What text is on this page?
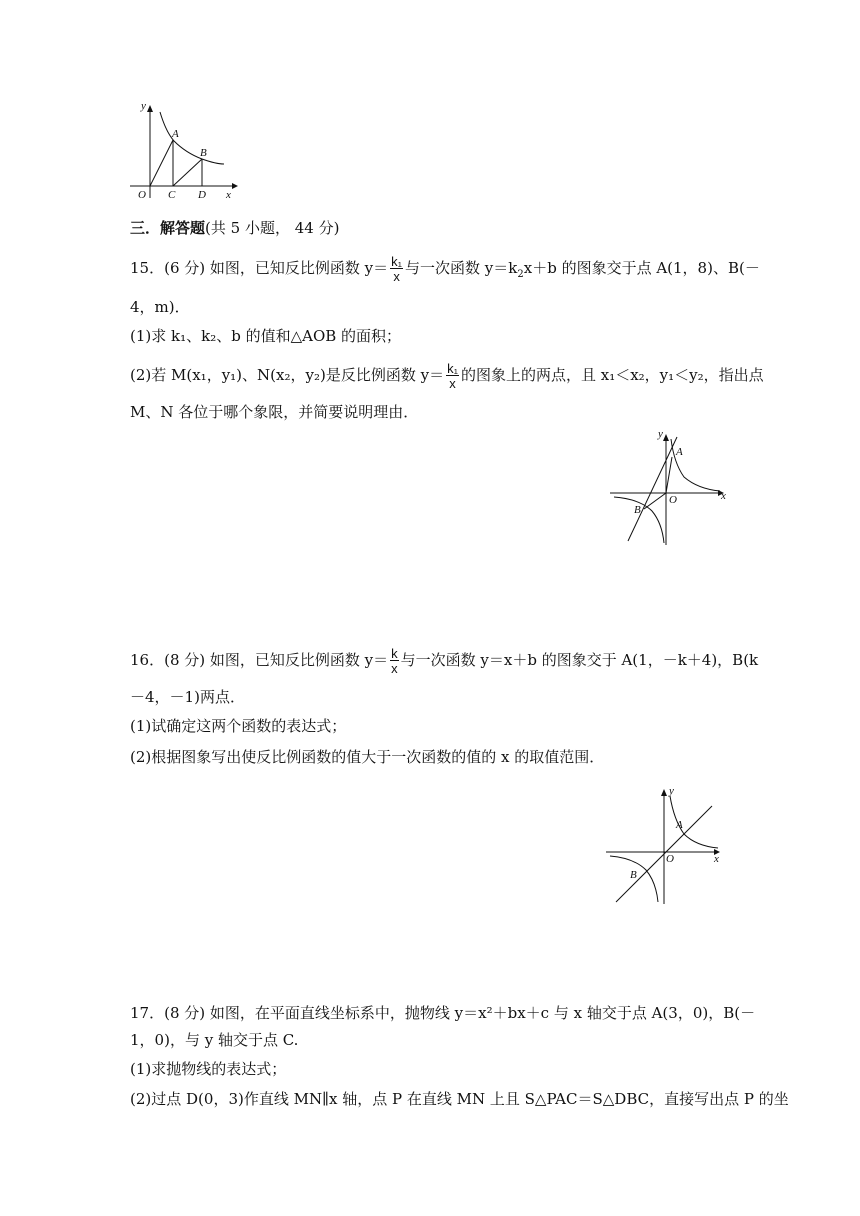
y
x
A
B
O C D
三．解答题(共 5 小题， 44 分)
15．(6 分) 如图，已知反比例函数 $y= \frac{\text{k₁}}{x}$ 与一次函数 $y=k_2x+b$ 的图象交于点 A(1，8)、B(－
4，m)．
(1)求 k₁、k₂、b 的值和△AOB 的面积；
(2)若 M(x₁，y₁)、N(x₂，y₂)是反比例函数 $y= \frac{\text{k₁}}{x}$ 的图象上的两点，且 x₁＜x₂，y₁＜y₂，指出点
M、N 各位于哪个象限，并简要说明理由．
y
x
A
B
O
16．(8 分) 如图，已知反比例函数 $y= \frac{k}{x}$ 与一次函数 y＝x＋b 的图象交于 A(1，－k＋4)，B(k
－4，－1)两点．
(1)试确定这两个函数的表达式；
(2)根据图象写出使反比例函数的值大于一次函数的值的 x 的取值范围．
y
x
A
B
O
17．(8 分) 如图，在平面直线坐标系中，抛物线 y＝x²＋bx＋c 与 x 轴交于点 A(3，0)，B(－
1，0)，与 y 轴交于点 C.
(1)求抛物线的表达式；
(2)过点 D(0，3)作直线 MN∥x 轴，点 P 在直线 MN 上且 S△PAC＝S△DBC，直接写出点 P 的坐
